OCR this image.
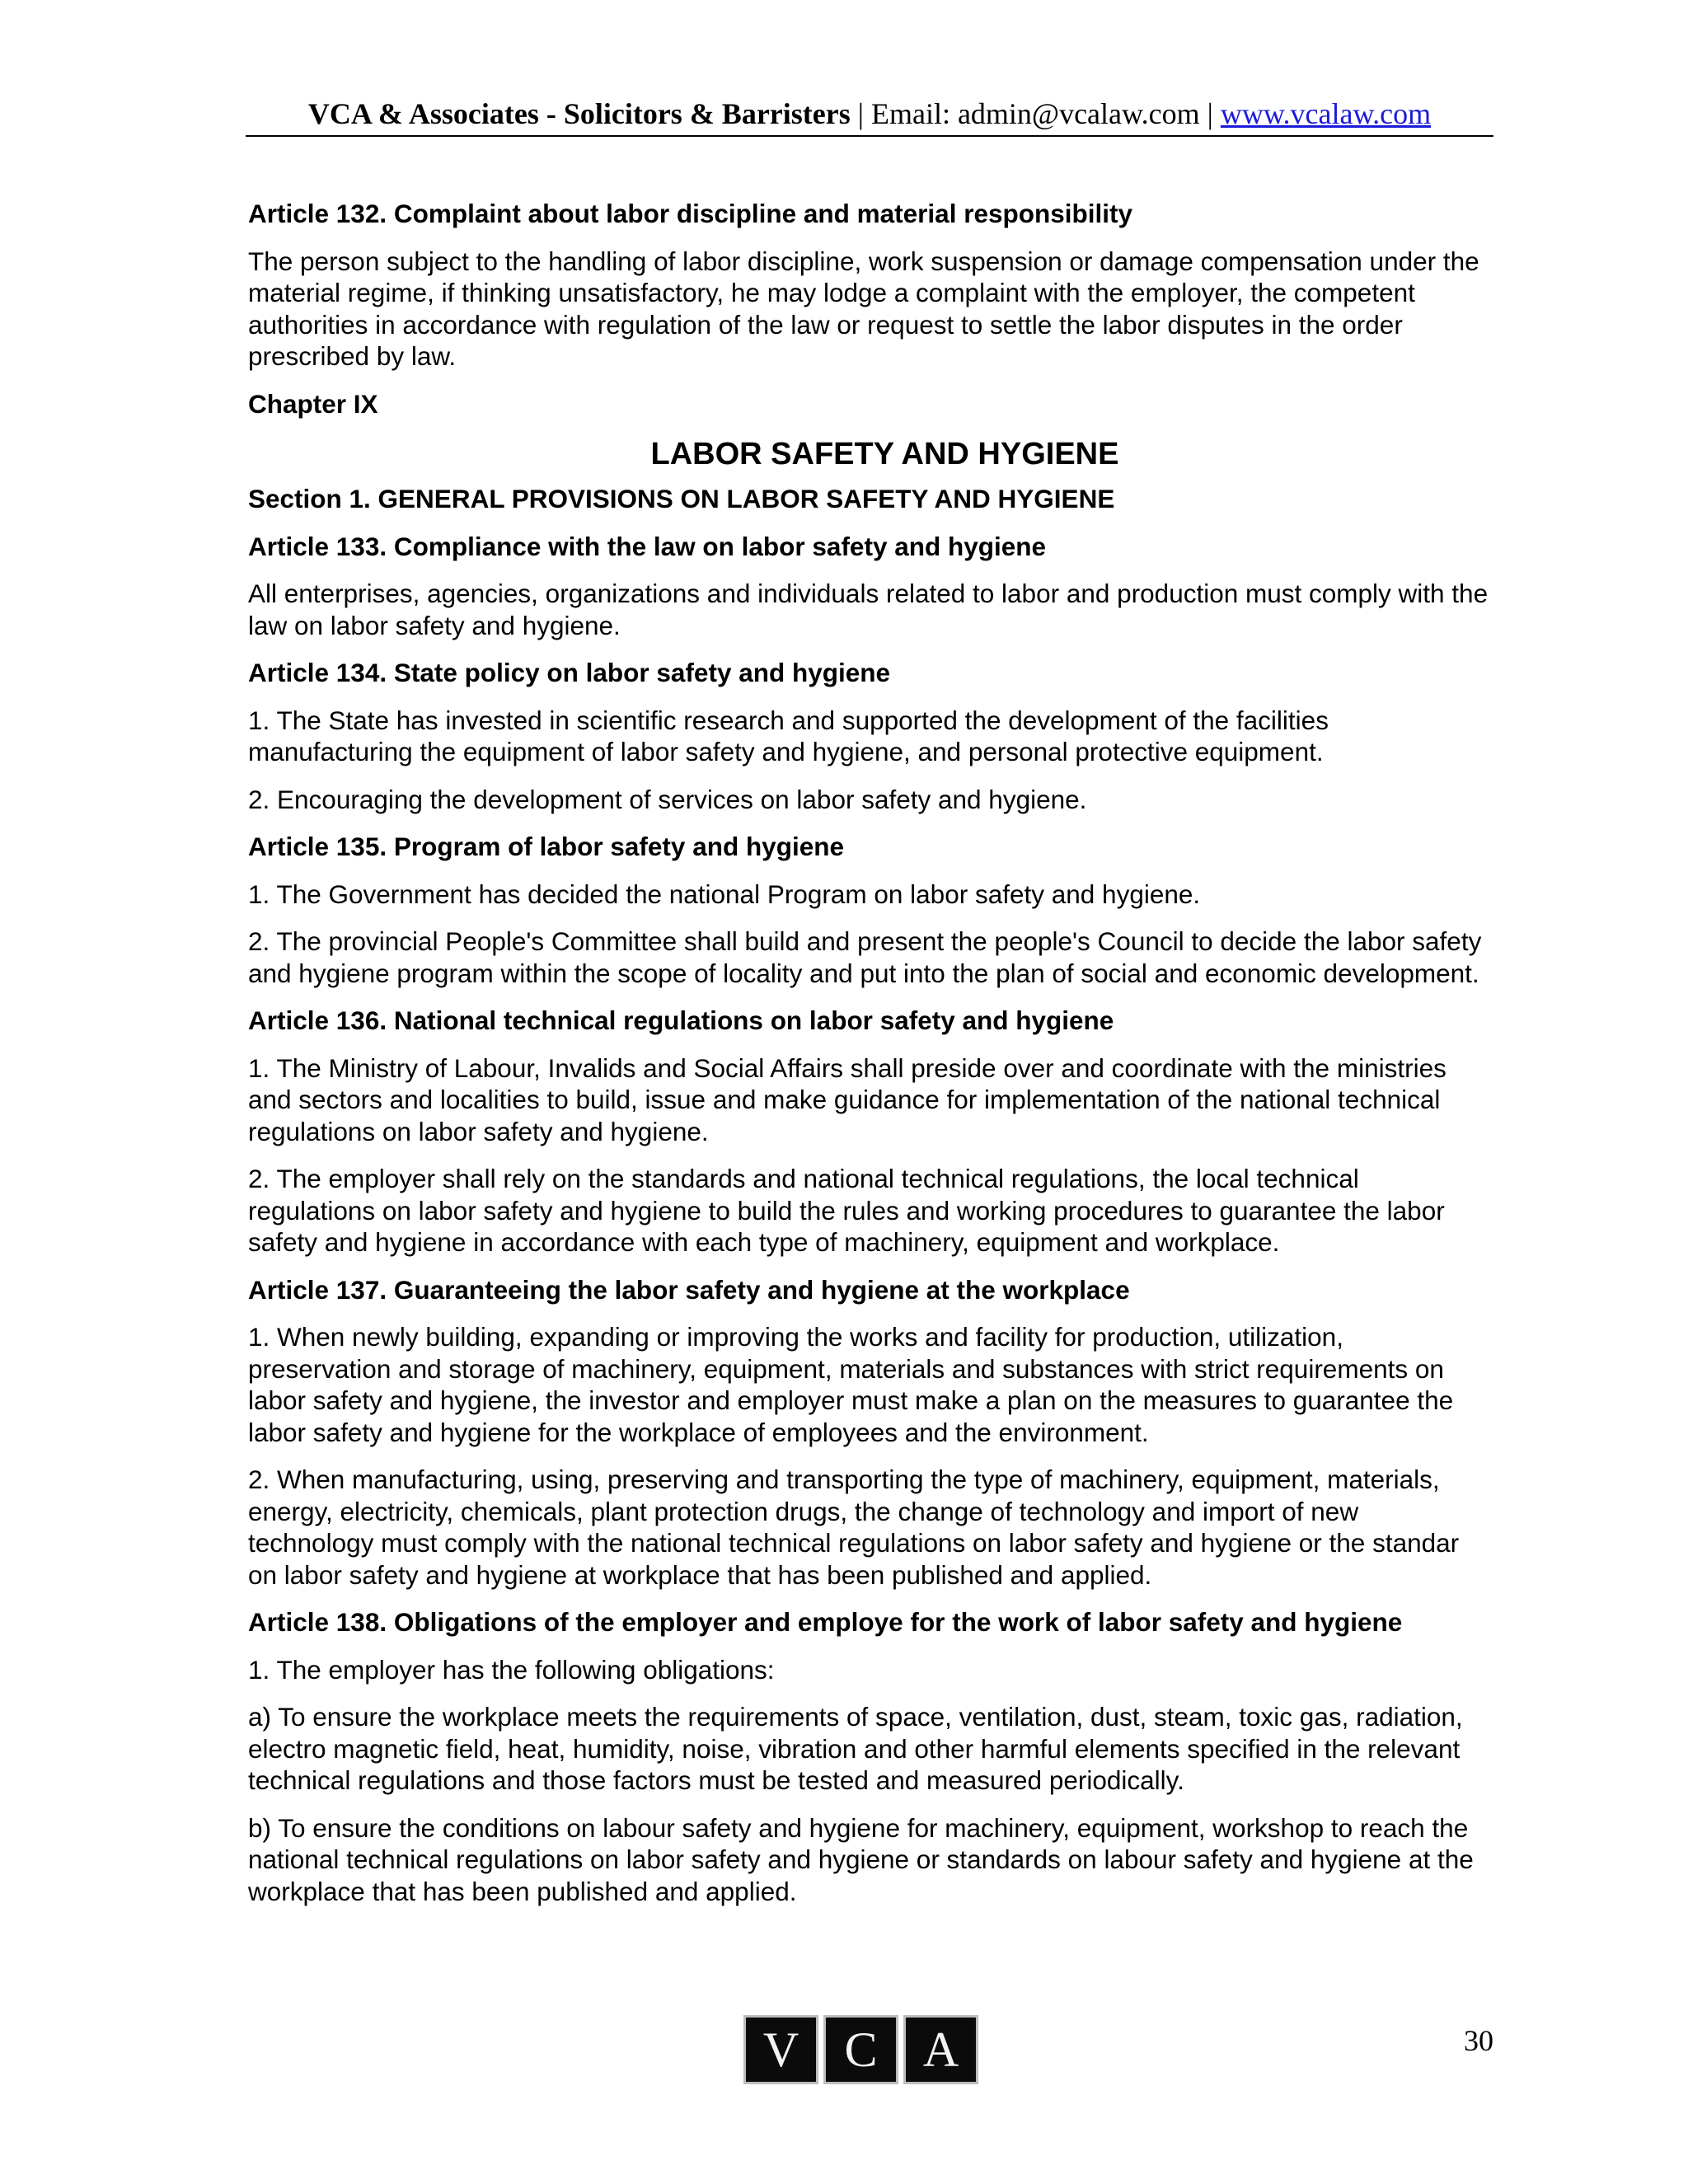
VCA & Associates - Solicitors & Barristers | Email: admin@vcalaw.com | www.vcalaw.com
Article 132. Complaint about labor discipline and material responsibility

The person subject to the handling of labor discipline, work suspension or damage compensation under the material regime, if thinking unsatisfactory, he may lodge a complaint with the employer, the competent authorities in accordance with regulation of the law or request to settle the labor disputes in the order prescribed by law.

Chapter IX
LABOR SAFETY AND HYGIENE
Section 1. GENERAL PROVISIONS ON LABOR SAFETY AND HYGIENE
Article 133. Compliance with the law on labor safety and hygiene

All enterprises, agencies, organizations and individuals related to labor and production must comply with the law on labor safety and hygiene.

Article 134. State policy on labor safety and hygiene

1. The State has invested in scientific research and supported the development of the facilities manufacturing the equipment of labor safety and hygiene, and personal protective equipment.

2. Encouraging the development of services on labor safety and hygiene.

Article 135. Program of labor safety and hygiene

1. The Government has decided the national Program on labor safety and hygiene.

2. The provincial People's Committee shall build and present the people's Council to decide the labor safety and hygiene program within the scope of locality and put into the plan of social and economic development.

Article 136. National technical regulations on labor safety and hygiene

1. The Ministry of Labour, Invalids and Social Affairs shall preside over and coordinate with the ministries and sectors and localities to build, issue and make guidance for implementation of the national technical regulations on labor safety and hygiene.

2. The employer shall rely on the standards and national technical regulations, the local technical regulations on labor safety and hygiene to build the rules and working procedures to guarantee the labor safety and hygiene in accordance with each type of machinery, equipment and workplace.

Article 137. Guaranteeing the labor safety and hygiene at the workplace

1. When newly building, expanding or improving the works and facility for production, utilization, preservation and storage of machinery, equipment, materials and substances with strict requirements on labor safety and hygiene, the investor and employer must make a plan on the measures to guarantee the labor safety and hygiene for the workplace of employees and the environment.

2. When manufacturing, using, preserving and transporting the type of machinery, equipment, materials, energy, electricity, chemicals, plant protection drugs, the change of technology and import of new technology must comply with the national technical regulations on labor safety and hygiene or the standar on labor safety and hygiene at workplace that has been published and applied.

Article 138. Obligations of the employer and employe for the work of labor safety and hygiene

1. The employer has the following obligations:

a) To ensure the workplace meets the requirements of space, ventilation, dust, steam, toxic gas, radiation, electro magnetic field, heat, humidity, noise, vibration and other harmful elements specified in the relevant technical regulations and those factors must be tested and measured periodically.

b) To ensure the conditions on labour safety and hygiene for machinery, equipment, workshop to reach the national technical regulations on labor safety and hygiene or standards on labour safety and hygiene at the workplace that has been published and applied.

V C A	30
